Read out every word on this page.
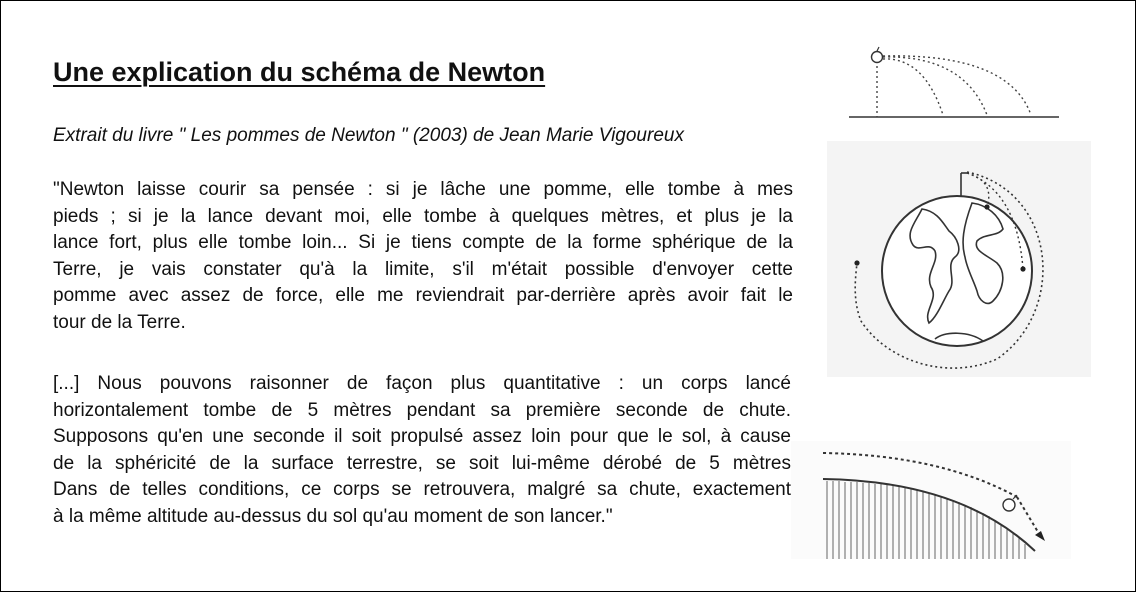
Une explication du schéma de Newton
Extrait du livre " Les pommes de Newton " (2003) de Jean Marie Vigoureux
"Newton laisse courir sa pensée : si je lâche une pomme, elle tombe à mes
pieds ; si je la lance devant moi, elle tombe à quelques mètres, et plus je la
lance fort, plus elle tombe loin... Si je tiens compte de la forme sphérique de la
Terre, je vais constater qu'à la limite, s'il m'était possible d'envoyer cette
pomme avec assez de force, elle me reviendrait par-derrière après avoir fait le
tour de la Terre.
[...] Nous pouvons raisonner de façon plus quantitative : un corps lancé
horizontalement tombe de 5 mètres pendant sa première seconde de chute.
Supposons qu'en une seconde il soit propulsé assez loin pour que le sol, à cause
de la sphéricité de la surface terrestre, se soit lui-même dérobé de 5 mètres
Dans de telles conditions, ce corps se retrouvera, malgré sa chute, exactement
à la même altitude au-dessus du sol qu'au moment de son lancer."
